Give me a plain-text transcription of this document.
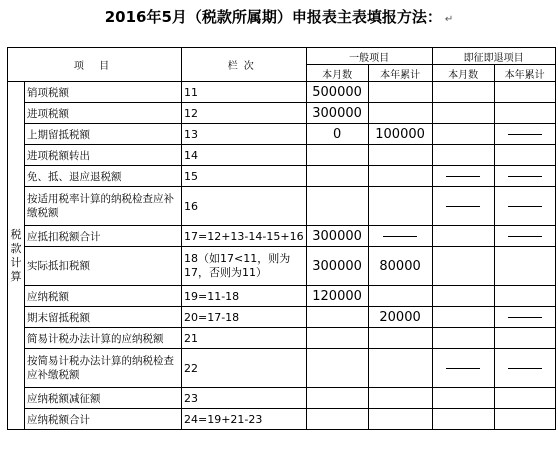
2016年5月（税款所属期）申报表主表填报方法： ↵
项 目		栏次	一般项目		即征即退项目	
			本月数	本年累计	本月数	本年累计

税
款
计
算	销项税额	11	500000			
	进项税额	12	300000			
	上期留抵税额	13	0	100000		
	进项税额转出	14				
	免、抵、退应退税额	15				
	按适用税率计算的纳税检查应补缴税额	16				
	应抵扣税额合计	17=12+13-14-15+16	300000			
	实际抵扣税额	18（如17<11，则为17，否则为11）	300000	80000		
	应纳税额	19=11-18	120000			
	期末留抵税额	20=17-18		20000		
	简易计税办法计算的应纳税额	21				
	按简易计税办法计算的纳税检查应补缴税额	22				
	应纳税额减征额	23				
	应纳税额合计	24=19+21-23				
